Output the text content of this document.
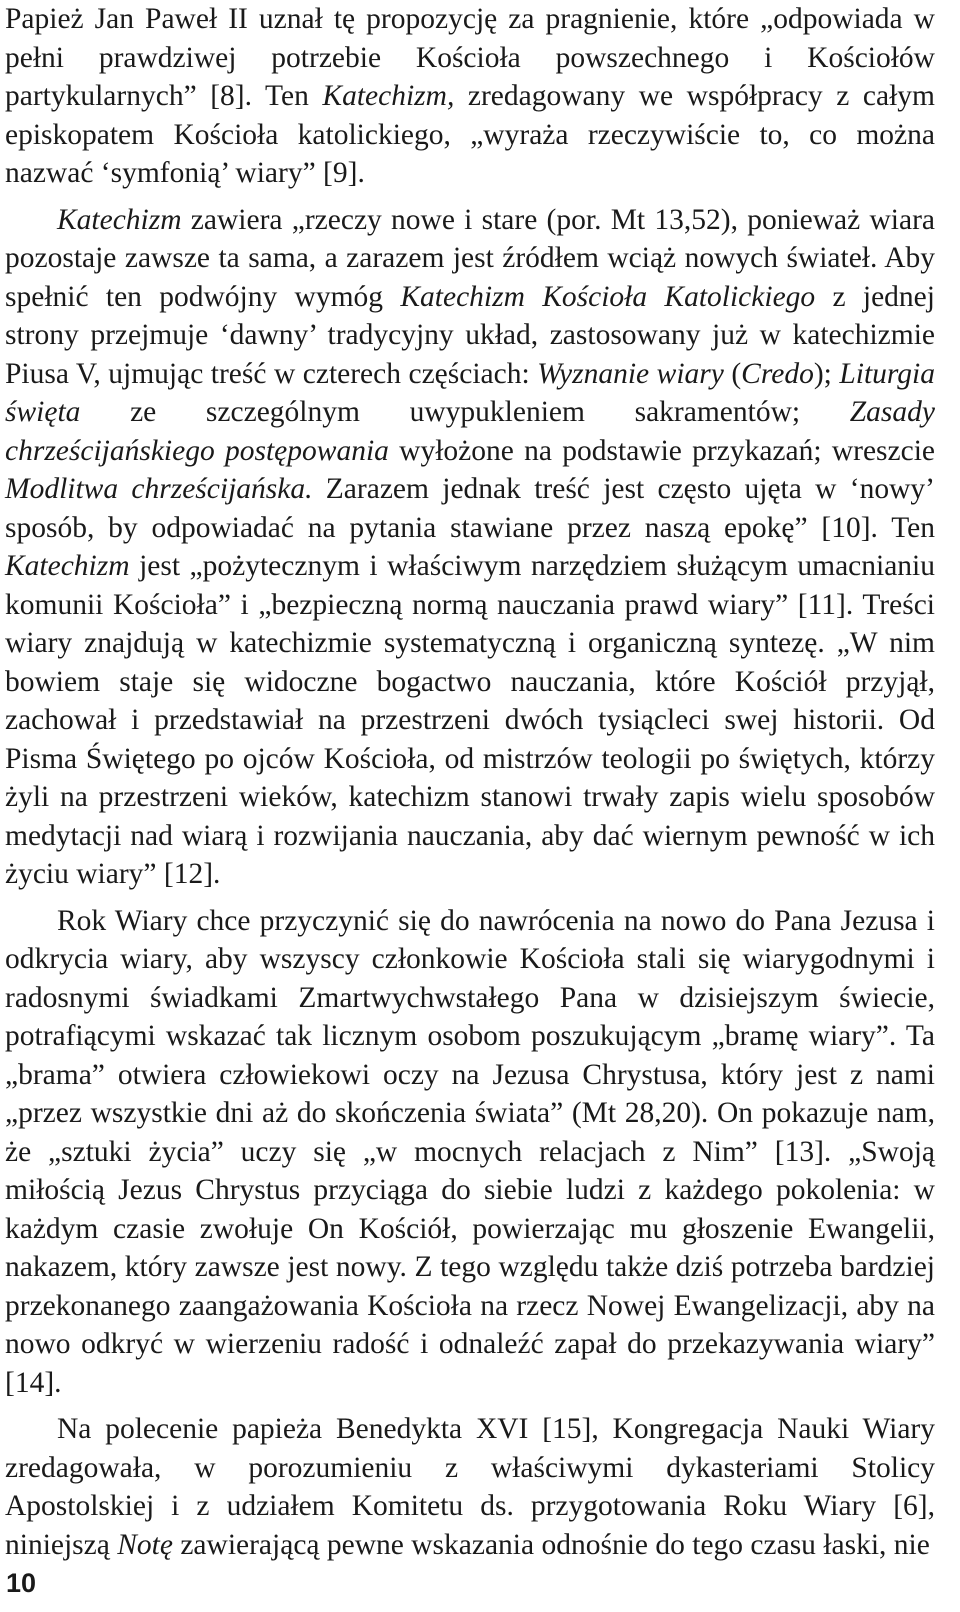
Papież Jan Paweł II uznał tę propozycję za pragnienie, które „odpowiada w pełni prawdziwej potrzebie Kościoła powszechnego i Kościołów partykularnych” [8]. Ten Katechizm, zredagowany we współpracy z całym episkopatem Kościoła katolickiego, „wyraża rzeczywiście to, co można nazwać ‘symfonią’ wiary” [9].

Katechizm zawiera „rzeczy nowe i stare (por. Mt 13,52), ponieważ wiara pozostaje zawsze ta sama, a zarazem jest źródłem wciąż nowych świateł. Aby spełnić ten podwójny wymóg Katechizm Kościoła Katolickiego z jednej strony przejmuje ‘dawny’ tradycyjny układ, zastosowany już w katechizmie Piusa V, ujmując treść w czterech częściach: Wyznanie wiary (Credo); Liturgia święta ze szczególnym uwypukleniem sakramentów; Zasady chrześcijańskiego postępowania wyłożone na podstawie przykazań; wreszcie Modlitwa chrześcijańska. Zarazem jednak treść jest często ujęta w ‘nowy’ sposób, by odpowiadać na pytania stawiane przez naszą epokę” [10]. Ten Katechizm jest „pożytecznym i właściwym narzędziem służącym umacnianiu komunii Kościoła” i „bezpieczną normą nauczania prawd wiary” [11]. Treści wiary znajdują w katechizmie systematyczną i organiczną syntezę. „W nim bowiem staje się widoczne bogactwo nauczania, które Kościół przyjął, zachował i przedstawiał na przestrzeni dwóch tysiącleci swej historii. Od Pisma Świętego po ojców Kościoła, od mistrzów teologii po świętych, którzy żyli na przestrzeni wieków, katechizm stanowi trwały zapis wielu sposobów medytacji nad wiarą i rozwijania nauczania, aby dać wiernym pewność w ich życiu wiary” [12].

Rok Wiary chce przyczynić się do nawrócenia na nowo do Pana Jezusa i odkrycia wiary, aby wszyscy członkowie Kościoła stali się wiarygodnymi i radosnymi świadkami Zmartwychwstałego Pana w dzisiejszym świecie, potrafiącymi wskazać tak licznym osobom poszukującym „bramę wiary”. Ta „brama” otwiera człowiekowi oczy na Jezusa Chrystusa, który jest z nami „przez wszystkie dni aż do skończenia świata” (Mt 28,20). On pokazuje nam, że „sztuki życia” uczy się „w mocnych relacjach z Nim” [13]. „Swoją miłością Jezus Chrystus przyciąga do siebie ludzi z każdego pokolenia: w każdym czasie zwołuje On Kościół, powierzając mu głoszenie Ewangelii, nakazem, który zawsze jest nowy. Z tego względu także dziś potrzeba bardziej przekonanego zaangażowania Kościoła na rzecz Nowej Ewangelizacji, aby na nowo odkryć w wierzeniu radość i odnaleźć zapał do przekazywania wiary” [14].

Na polecenie papieża Benedykta XVI [15], Kongregacja Nauki Wiary zredagowała, w porozumieniu z właściwymi dykasteriami Stolicy Apostolskiej i z udziałem Komitetu ds. przygotowania Roku Wiary [6], niniejszą Notę zawierającą pewne wskazania odnośnie do tego czasu łaski, nie

10
